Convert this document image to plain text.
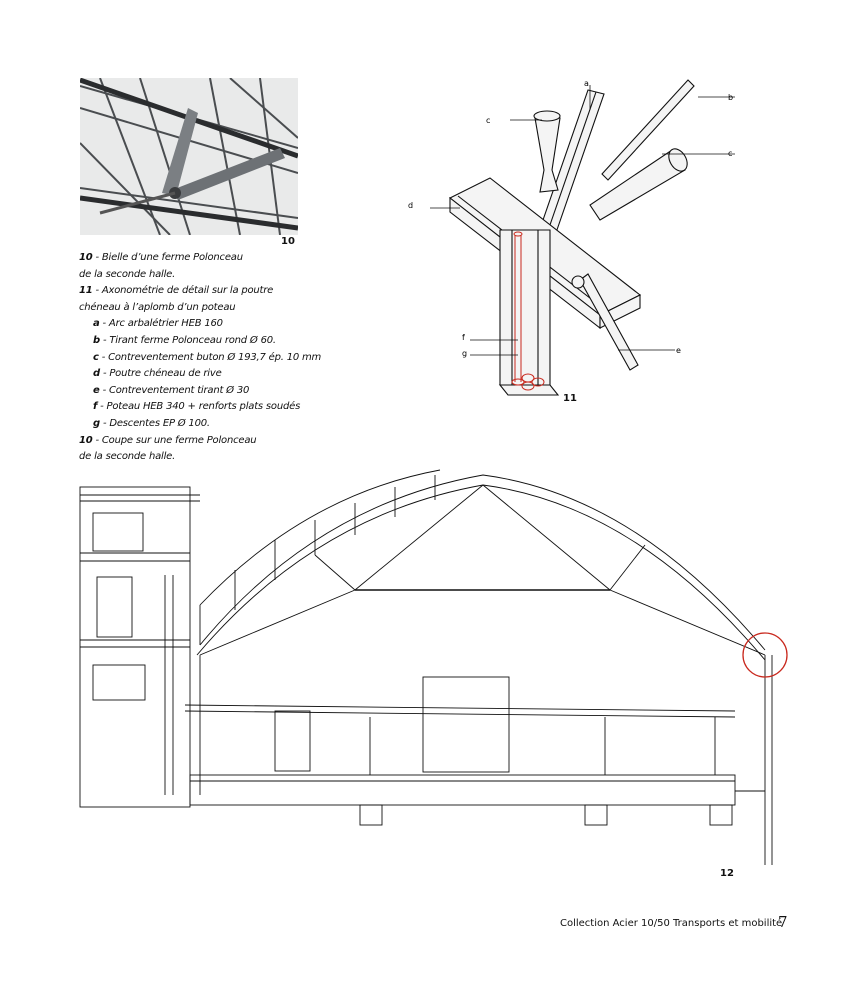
10
10 - Bielle d’une ferme Polonceau
de la seconde halle.
11 - Axonométrie de détail sur la poutre
chéneau à l’aplomb d’un poteau
a - Arc arbalétrier HEB 160
b - Tirant ferme Polonceau rond Ø 60.
c - Contreventement buton Ø 193,7 ép. 10 mm
d - Poutre chéneau de rive
e - Contreventement tirant Ø 30
f - Poteau HEB 340 + renforts plats soudés
g - Descentes EP Ø 100.
10 - Coupe sur une ferme Polonceau
de la seconde halle.
a
b
c
c
d
e
f
g
11
12
Collection Acier 10/50 Transports et mobilité
7
